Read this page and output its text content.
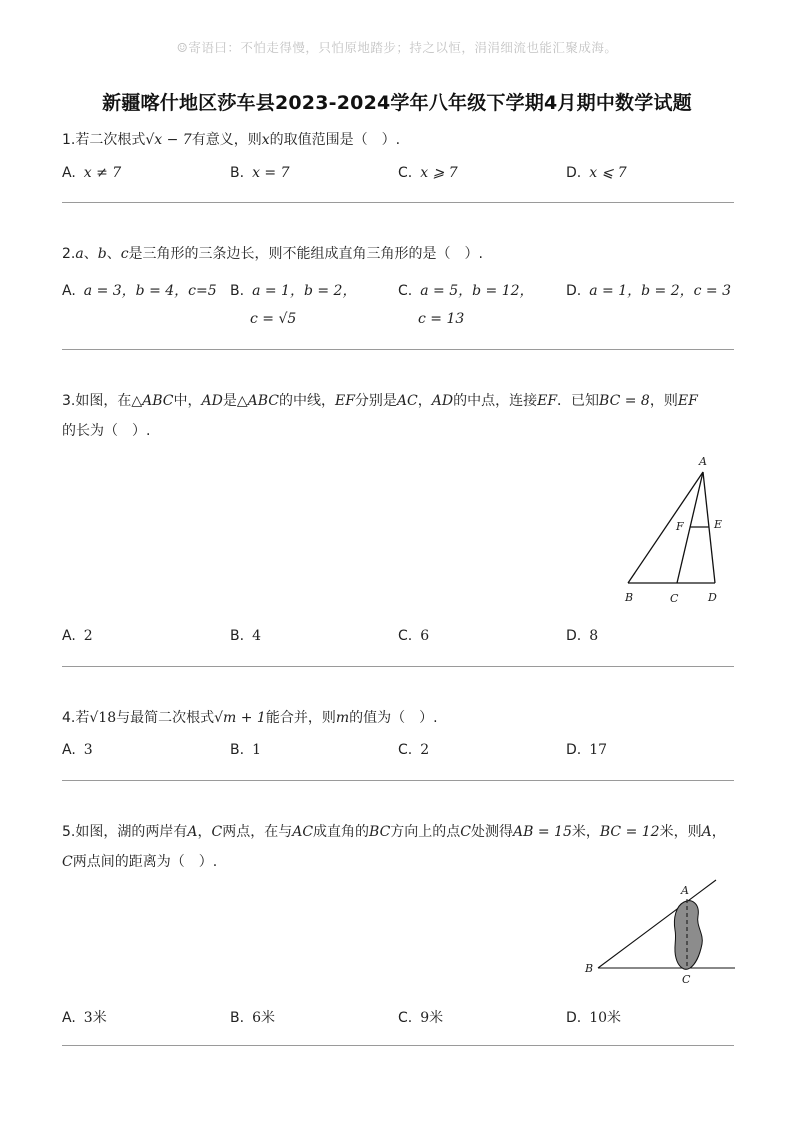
☺寄语曰：不怕走得慢，只怕原地踏步；持之以恒，涓涓细流也能汇聚成海。
新疆喀什地区莎车县2023-2024学年八年级下学期4月期中数学试题
1.若二次根式√x − 7有意义，则x的取值范围是（　）.
A. x ≠ 7	B. x = 7	C. x ⩾ 7	D. x ⩽ 7
2.a、b、c是三角形的三条边长，则不能组成直角三角形的是（　）.
A. a = 3，b = 4，c=5 B. a = 1，b = 2，
c = √5
C. a = 5，b = 12，
c = 13
D. a = 1，b = 2，c = 3
3.如图，在△ABC中，AD是△ABC的中线，EF分别是AC，AD的中点，连接EF．已知BC = 8，则EF
的长为（　）.
A
F	E
B	C	D
A. 2	B. 4	C. 6	D. 8
4.若√18与最简二次根式√m + 1能合并，则m的值为（　）.
A. 3	B. 1	C. 2	D. 17
5.如图，湖的两岸有A，C两点，在与AC成直角的BC方向上的点C处测得AB = 15米，BC = 12米，则A，
C两点间的距离为（　）.
A
B
C
A. 3米	B. 6米	C. 9米	D. 10米
